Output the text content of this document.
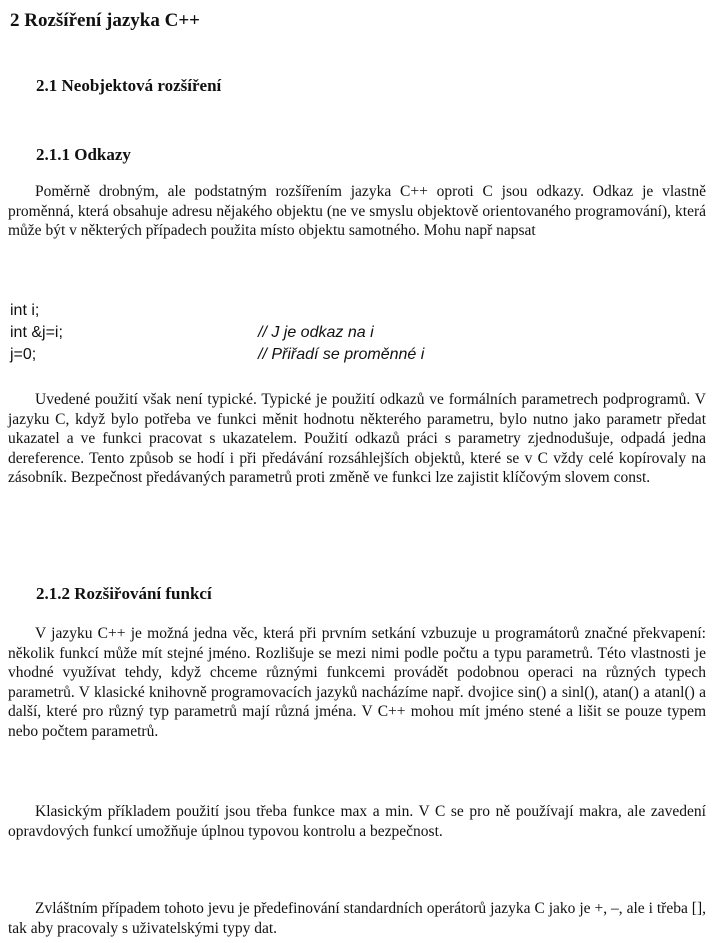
2 Rozšíření jazyka C++
2.1 Neobjektová rozšíření
2.1.1 Odkazy

Poměrně drobným, ale podstatným rozšířením jazyka C++ oproti C jsou odkazy. Odkaz je vlastně proměnná, která obsahuje adresu nějakého objektu (ne ve smyslu objektově orientovaného programování), která může být v některých případech použita místo objektu samotného. Mohu např napsat

int i;
int &j=i;	// J je odkaz na i
j=0;	// Přiřadí se proměnné i

Uvedené použití však není typické. Typické je použití odkazů ve formálních parametrech podprogramů. V jazyku C, když bylo potřeba ve funkci měnit hodnotu některého parametru, bylo nutno jako parametr předat ukazatel a ve funkci pracovat s ukazatelem. Použití odkazů práci s parametry zjednodušuje, odpadá jedna dereference. Tento způsob se hodí i při předávání rozsáhlejších objektů, které se v C vždy celé kopírovaly na zásobník. Bezpečnost předávaných parametrů proti změně ve funkci lze zajistit klíčovým slovem const.

2.1.2 Rozšiřování funkcí

V jazyku C++ je možná jedna věc, která při prvním setkání vzbuzuje u programátorů značné překvapení: několik funkcí může mít stejné jméno. Rozlišuje se mezi nimi podle počtu a typu parametrů. Této vlastnosti je vhodné využívat tehdy, když chceme různými funkcemi provádět podobnou operaci na různých typech parametrů. V klasické knihovně programovacích jazyků nacházíme např. dvojice sin() a sinl(), atan() a atanl() a další, které pro různý typ parametrů mají různá jména. V C++ mohou mít jméno stené a lišit se pouze typem nebo počtem parametrů.

Klasickým příkladem použití jsou třeba funkce max a min. V C se pro ně používají makra, ale zavedení opravdových funkcí umožňuje úplnou typovou kontrolu a bezpečnost.

Zvláštním případem tohoto jevu je předefinování standardních operátorů jazyka C jako je +, –, ale i třeba [], tak aby pracovaly s uživatelskými typy dat.
